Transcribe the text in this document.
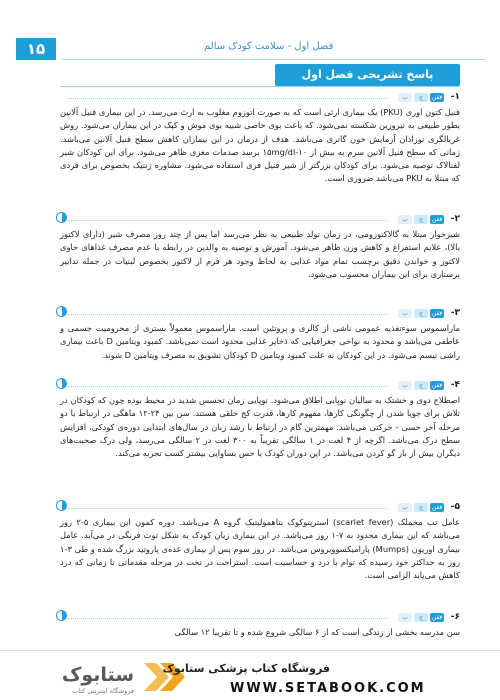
۱۵	فصل اول - سلامت کودک سالم
پاسخ تشریحی فصل اول
۱-
ققن
ج
ب

فنیل کتون اوری (PKU) یک بیماری ارثی است که به صورت اتوزوم مغلوب به ارث می‌رسد. در این بیماری فنیل آلانین بطور طبیعی به تیروزین شکسته نمی‌شود. که باعث بوی خاصی شبیه بوی موش و کپک در این بیماران می‌شود. روش غربالگری نوزادان آزمایش خون گاتری می‌باشد. هدف از درمان در این بیماران کاهش سطح فنیل آلانین می‌باشد. زمانی که سطح فنیل آلانین سرم به بیش از ۱۵mg/dl-۱۰ برسد صدمات مغزی ظاهر می‌شود. برای این کودکان شیر لفنالاک توصیه می‌شود. برای کودکان بزرگتر از شیر فنیل فری استفاده می‌شود. مشاوره ژنتیک بخصوص برای فردی که مبتلا به PKU می‌باشد ضروری است.

۲-
ققن
ج
ب

شیرخوار مبتلا به گالاکتوزومی، در زمان تولد طبیعی به نظر می‌رسد اما پس از چند روز مصرف شیر (دارای لاکتوز بالا)، علایم استفراغ و کاهش وزن ظاهر می‌شود. آموزش و توصیه به والدین در رابطه با عدم مصرف غذاهای حاوی لاکتوز و خواندن دقیق برچسب تمام مواد غذایی به لحاظ وجود هر فرم از لاکتوز بخصوص لبنیات در جمله تدابیر پرستاری برای این بیماران محسوب می‌شود.

۳-
ققن
ج
ب

ماراسموس سوءتغذیه عمومی ناشی از کالری و پروتئین است. ماراسموس معمولاً بستری از محرومیت جسمی و عاطفی می‌باشد و محدود به نواحی جغرافیایی که ذخایر غذایی محدود است نمی‌باشد. کمبود ویتامین D باعث بیماری راشی تیسم می‌شود. در این کودکان به علت کمبود ویتامین D کودکان تشویق به مصرف ویتامین D شوند.

۴-
ققن
ج
ب

اصطلاح دوی و خشتک به سالیان نوپایی اطلاق می‌شود. نوپایی زمان تجسس شدید در محیط بوده چون که کودکان در تلاش برای جویا شدن از چگونگی کارها، مفهوم کارها، قدرت کج خلقی هستند. سن بین ۲۴-۱۲ ماهگی در ارتباط با دو مرحله آخر حسی - حرکتی می‌باشد. مهمترین گام در ارتباط با رشد زبان در سال‌های ابتدایی دوره‌ی کودکی، افزایش سطح درک می‌باشد. اگرچه از ۴ لغت در ۱ سالگی تقریباً به ۳۰۰ لغت در ۲ سالگی می‌رسد، ولی درک صحبت‌های دیگران بیش از باز گو کردن می‌باشد. در این دوران کودک با حس بساوایی بیشتر کسب تجربه می‌کند.

۵-
ققن
ج
ب

عامل تب مخملک (scarlet fever) استرپتوکوک بتاهمولیتیک گروه A می‌باشد. دوره کمون این بیماری ۵-۲ روز می‌باشد که این بیماری محدود به ۷-۱ روز می‌باشد. در این بیماری زبان کودک به شکل توت فرنگی در می‌آید. عامل بیماری اوریون (Mumps) پارامیکسوویروس می‌باشد. در روز سوم پس از بیماری غده‌ی پاروتید بزرگ شده و طی ۳-۱ روز به حداکثر خود رسیده که توام با درد و حساسیت است. استراحت در تخت در مرحله مقدماتی تا زمانی که درد کاهش می‌یابد الزامی است.

۶-
ققن
ج
ب

سن مدرسه بخشی از زندگی است که از ۶ سالگی شروع شده و تا تقریبا ۱۲ سالگی

ستابوک
فروشگاه اینترنتی کتاب
فروشگاه کتاب پزشکی ستابوک
WWW.SETABOOK.COM
